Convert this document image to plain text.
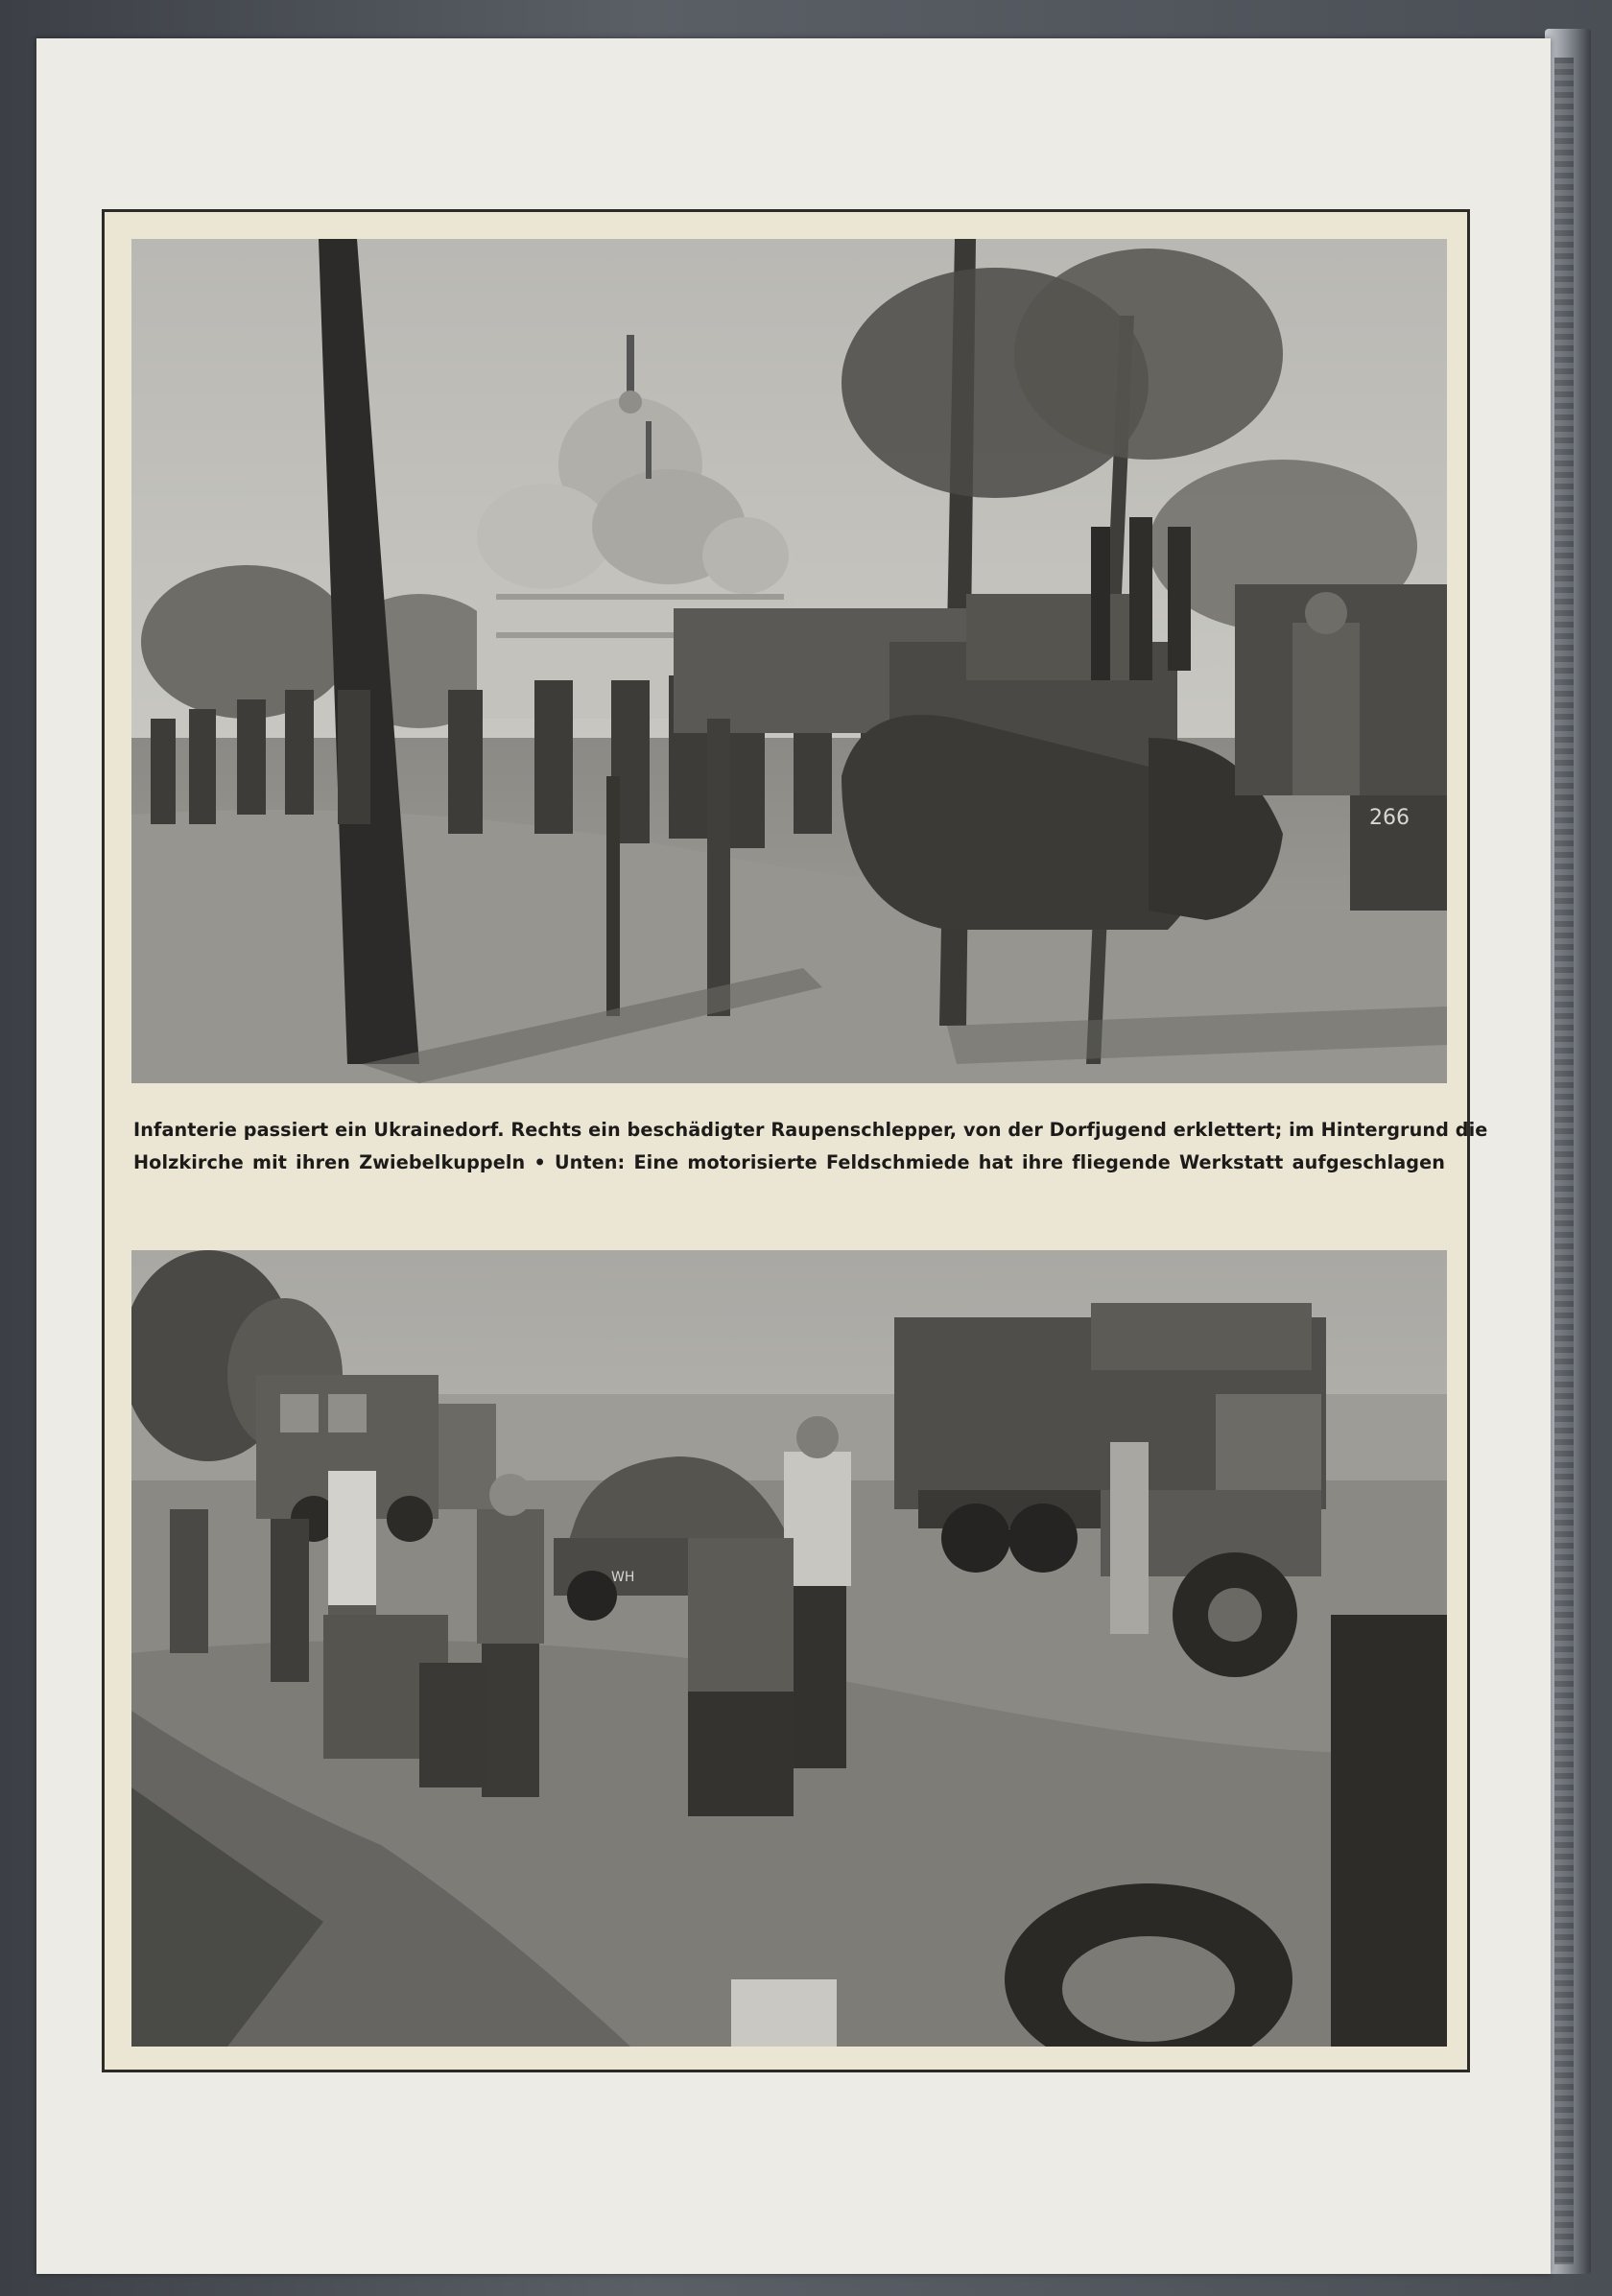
266
Infanterie passiert ein Ukrainedorf. Rechts ein beschädigter Raupenschlepper, von der Dorfjugend erklettert; im Hintergrund die
Holzkirche mit ihren Zwiebelkuppeln • Unten: Eine motorisierte Feldschmiede hat ihre fliegende Werkstatt aufgeschlagen
WH
